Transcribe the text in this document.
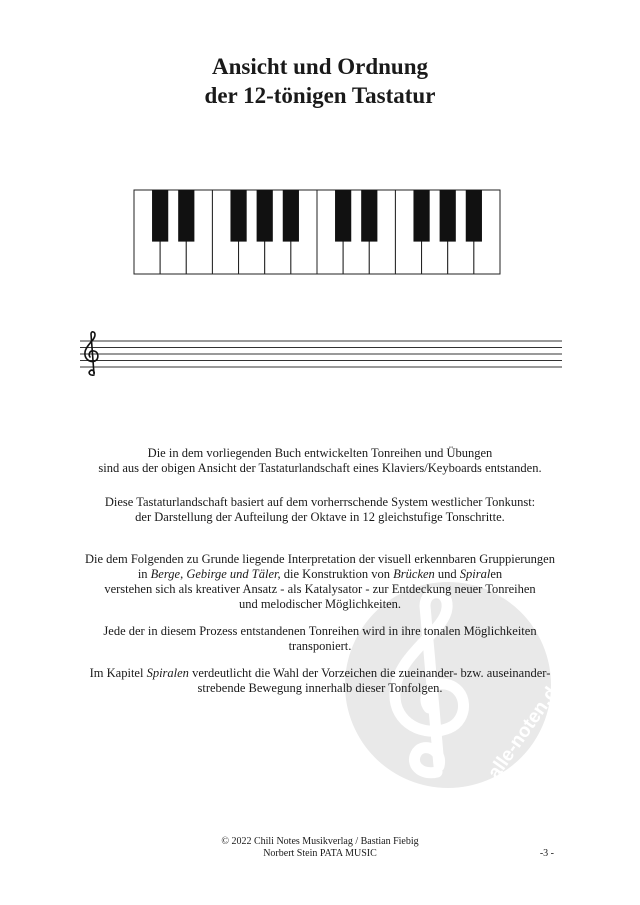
Ansicht und Ordnung
der 12-tönigen Tastatur
alle-noten.de

Die in dem vorliegenden Buch entwickelten Tonreihen und Übungen
sind aus der obigen Ansicht der Tastaturlandschaft eines Klaviers/Keyboards entstanden.

Diese Tastaturlandschaft basiert auf dem vorherrschende System westlicher Tonkunst:
der Darstellung der Aufteilung der Oktave in 12 gleichstufige Tonschritte.

Die dem Folgenden zu Grunde liegende Interpretation der visuell erkennbaren Gruppierungen
in Berge, Gebirge und Täler, die Konstruktion von Brücken und Spiralen
verstehen sich als kreativer Ansatz - als Katalysator - zur Entdeckung neuer Tonreihen
und melodischer Möglichkeiten.

Jede der in diesem Prozess entstandenen Tonreihen wird in ihre tonalen Möglichkeiten
transponiert.

Im Kapitel Spiralen verdeutlicht die Wahl der Vorzeichen die zueinander- bzw. auseinander-
strebende Bewegung innerhalb dieser Tonfolgen.

© 2022 Chili Notes Musikverlag / Bastian Fiebig
Norbert Stein PATA MUSIC	-3 -
